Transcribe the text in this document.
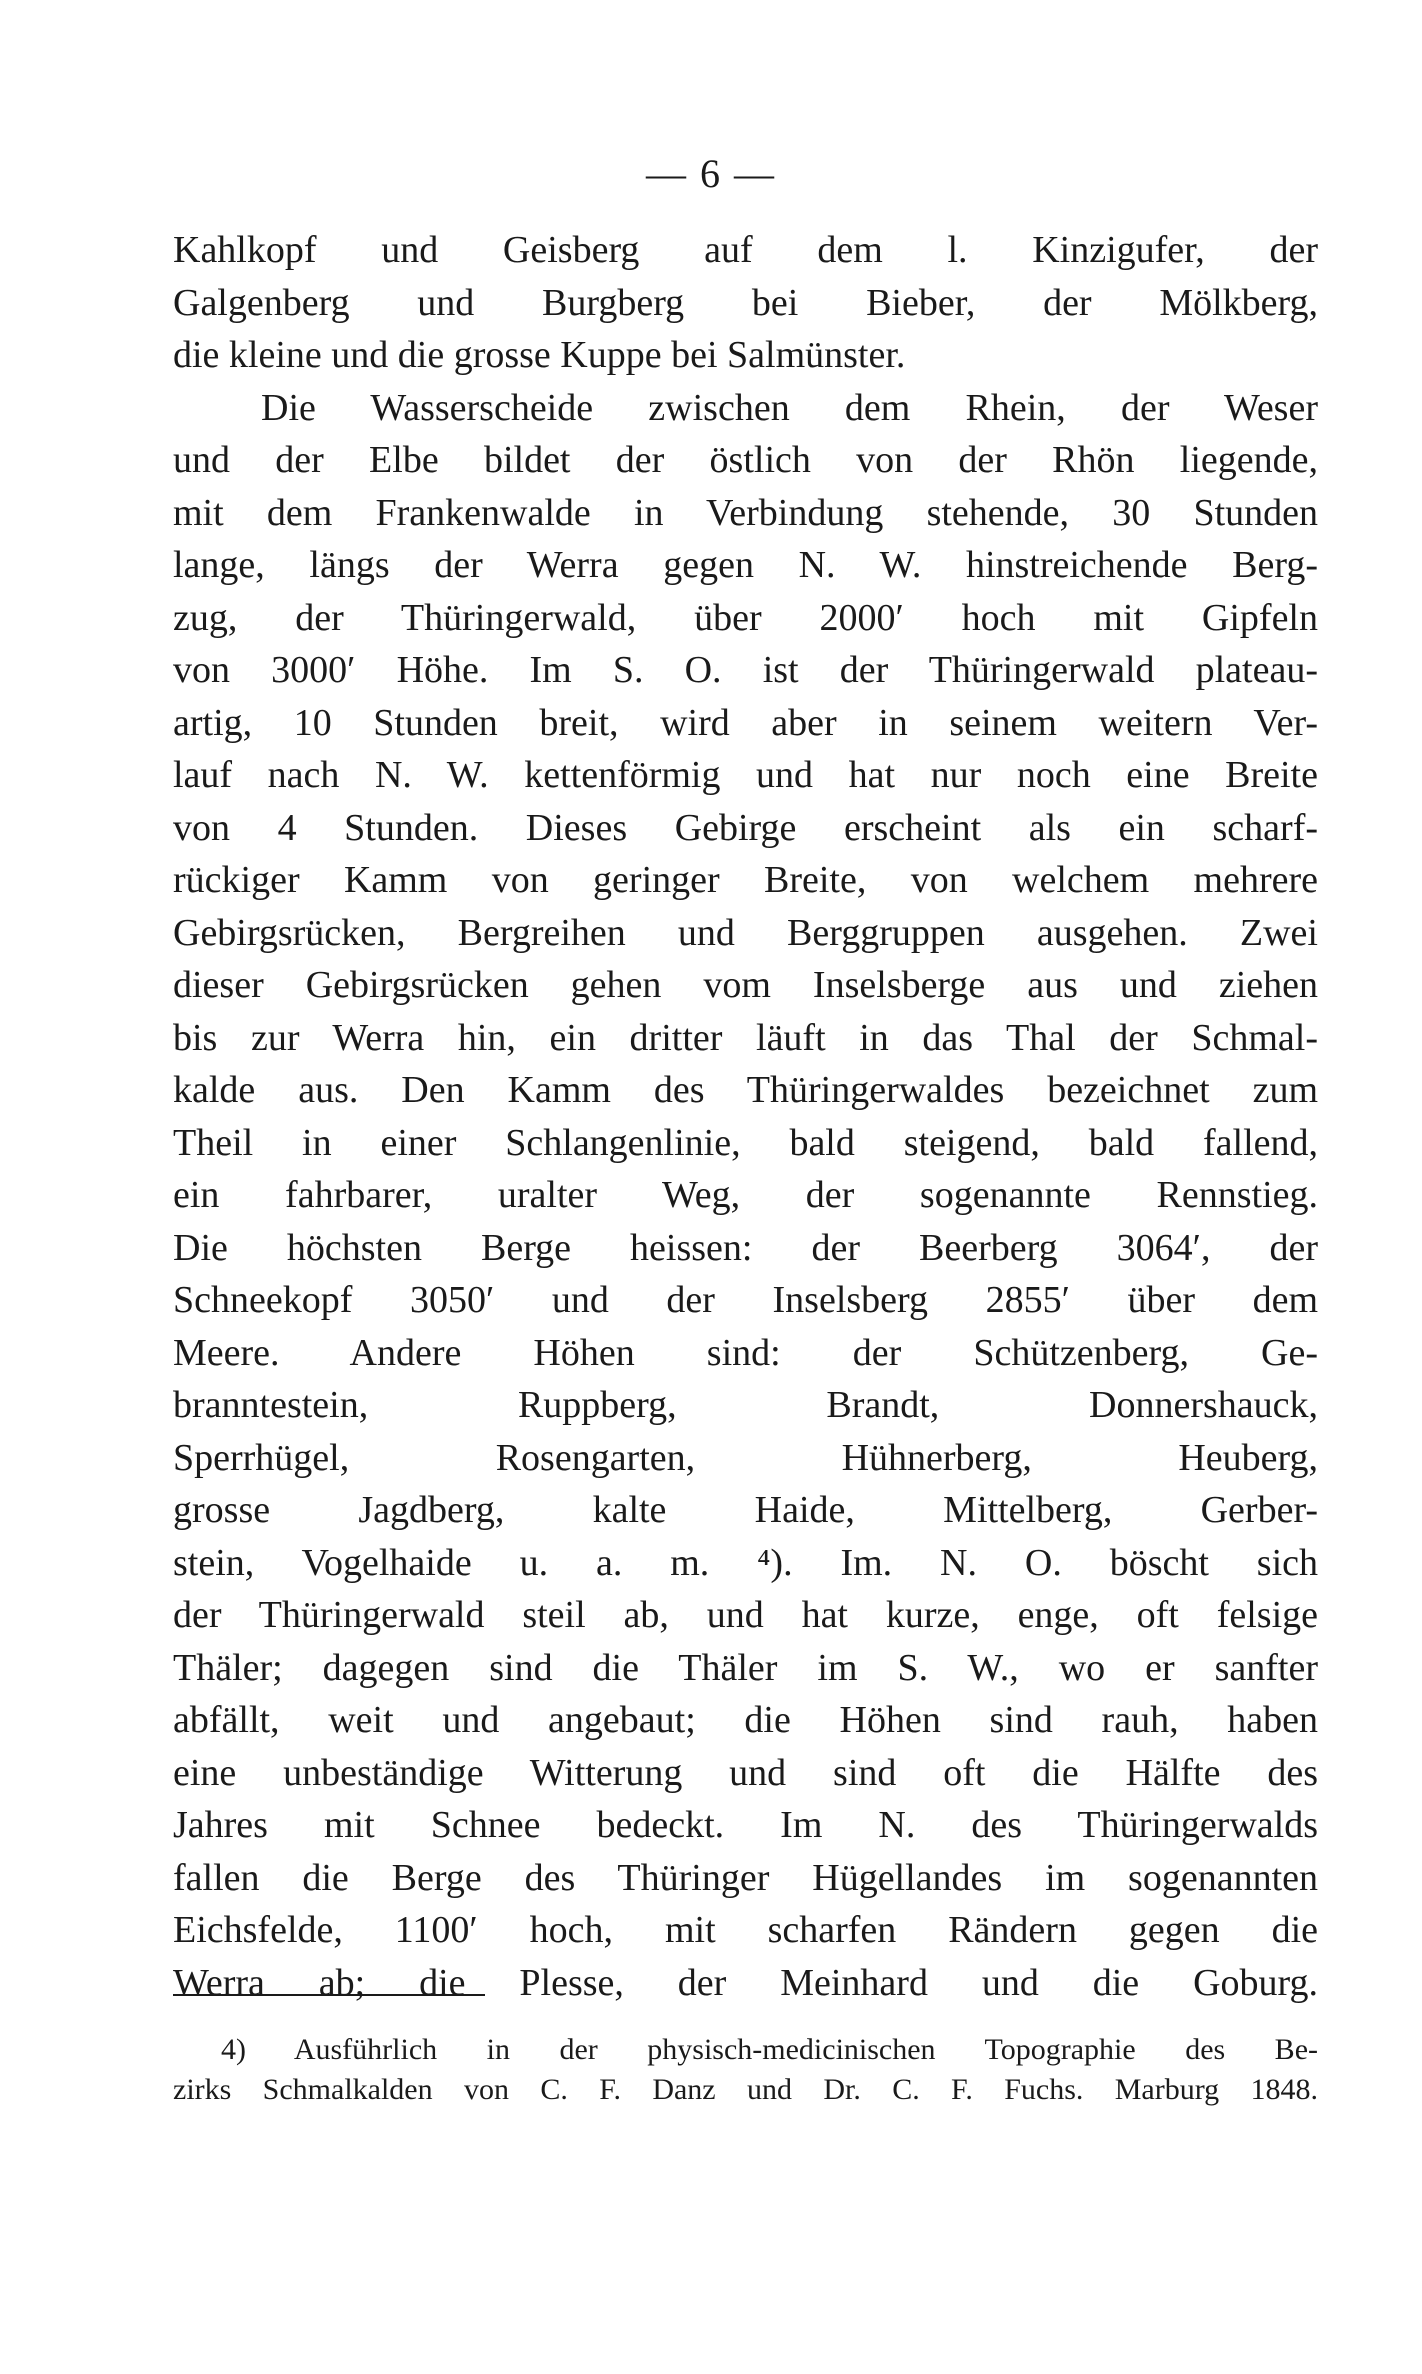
— 6 —
Kahlkopf und Geisberg auf dem l. Kinzigufer, der
Galgenberg und Burgberg bei Bieber, der Mölkberg,
die kleine und die grosse Kuppe bei Salmünster.
Die Wasserscheide zwischen dem Rhein, der Weser
und der Elbe bildet der östlich von der Rhön liegende,
mit dem Frankenwalde in Verbindung stehende, 30 Stunden
lange, längs der Werra gegen N. W. hinstreichende Berg-
zug, der Thüringerwald, über 2000′ hoch mit Gipfeln
von 3000′ Höhe. Im S. O. ist der Thüringerwald plateau-
artig, 10 Stunden breit, wird aber in seinem weitern Ver-
lauf nach N. W. kettenförmig und hat nur noch eine Breite
von 4 Stunden. Dieses Gebirge erscheint als ein scharf-
rückiger Kamm von geringer Breite, von welchem mehrere
Gebirgsrücken, Bergreihen und Berggruppen ausgehen. Zwei
dieser Gebirgsrücken gehen vom Inselsberge aus und ziehen
bis zur Werra hin, ein dritter läuft in das Thal der Schmal-
kalde aus. Den Kamm des Thüringerwaldes bezeichnet zum
Theil in einer Schlangenlinie, bald steigend, bald fallend,
ein fahrbarer, uralter Weg, der sogenannte Rennstieg.
Die höchsten Berge heissen: der Beerberg 3064′, der
Schneekopf 3050′ und der Inselsberg 2855′ über dem
Meere. Andere Höhen sind: der Schützenberg, Ge-
branntestein, Ruppberg, Brandt, Donnershauck,
Sperrhügel, Rosengarten, Hühnerberg, Heuberg,
grosse Jagdberg, kalte Haide, Mittelberg, Gerber-
stein, Vogelhaide u. a. m. ⁴). Im. N. O. böscht sich
der Thüringerwald steil ab, und hat kurze, enge, oft felsige
Thäler; dagegen sind die Thäler im S. W., wo er sanfter
abfällt, weit und angebaut; die Höhen sind rauh, haben
eine unbeständige Witterung und sind oft die Hälfte des
Jahres mit Schnee bedeckt. Im N. des Thüringerwalds
fallen die Berge des Thüringer Hügellandes im sogenannten
Eichsfelde, 1100′ hoch, mit scharfen Rändern gegen die
Werra ab; die Plesse, der Meinhard und die Goburg.
4) Ausführlich in der physisch-medicinischen Topographie des Be-
zirks Schmalkalden von C. F. Danz und Dr. C. F. Fuchs. Marburg 1848.
